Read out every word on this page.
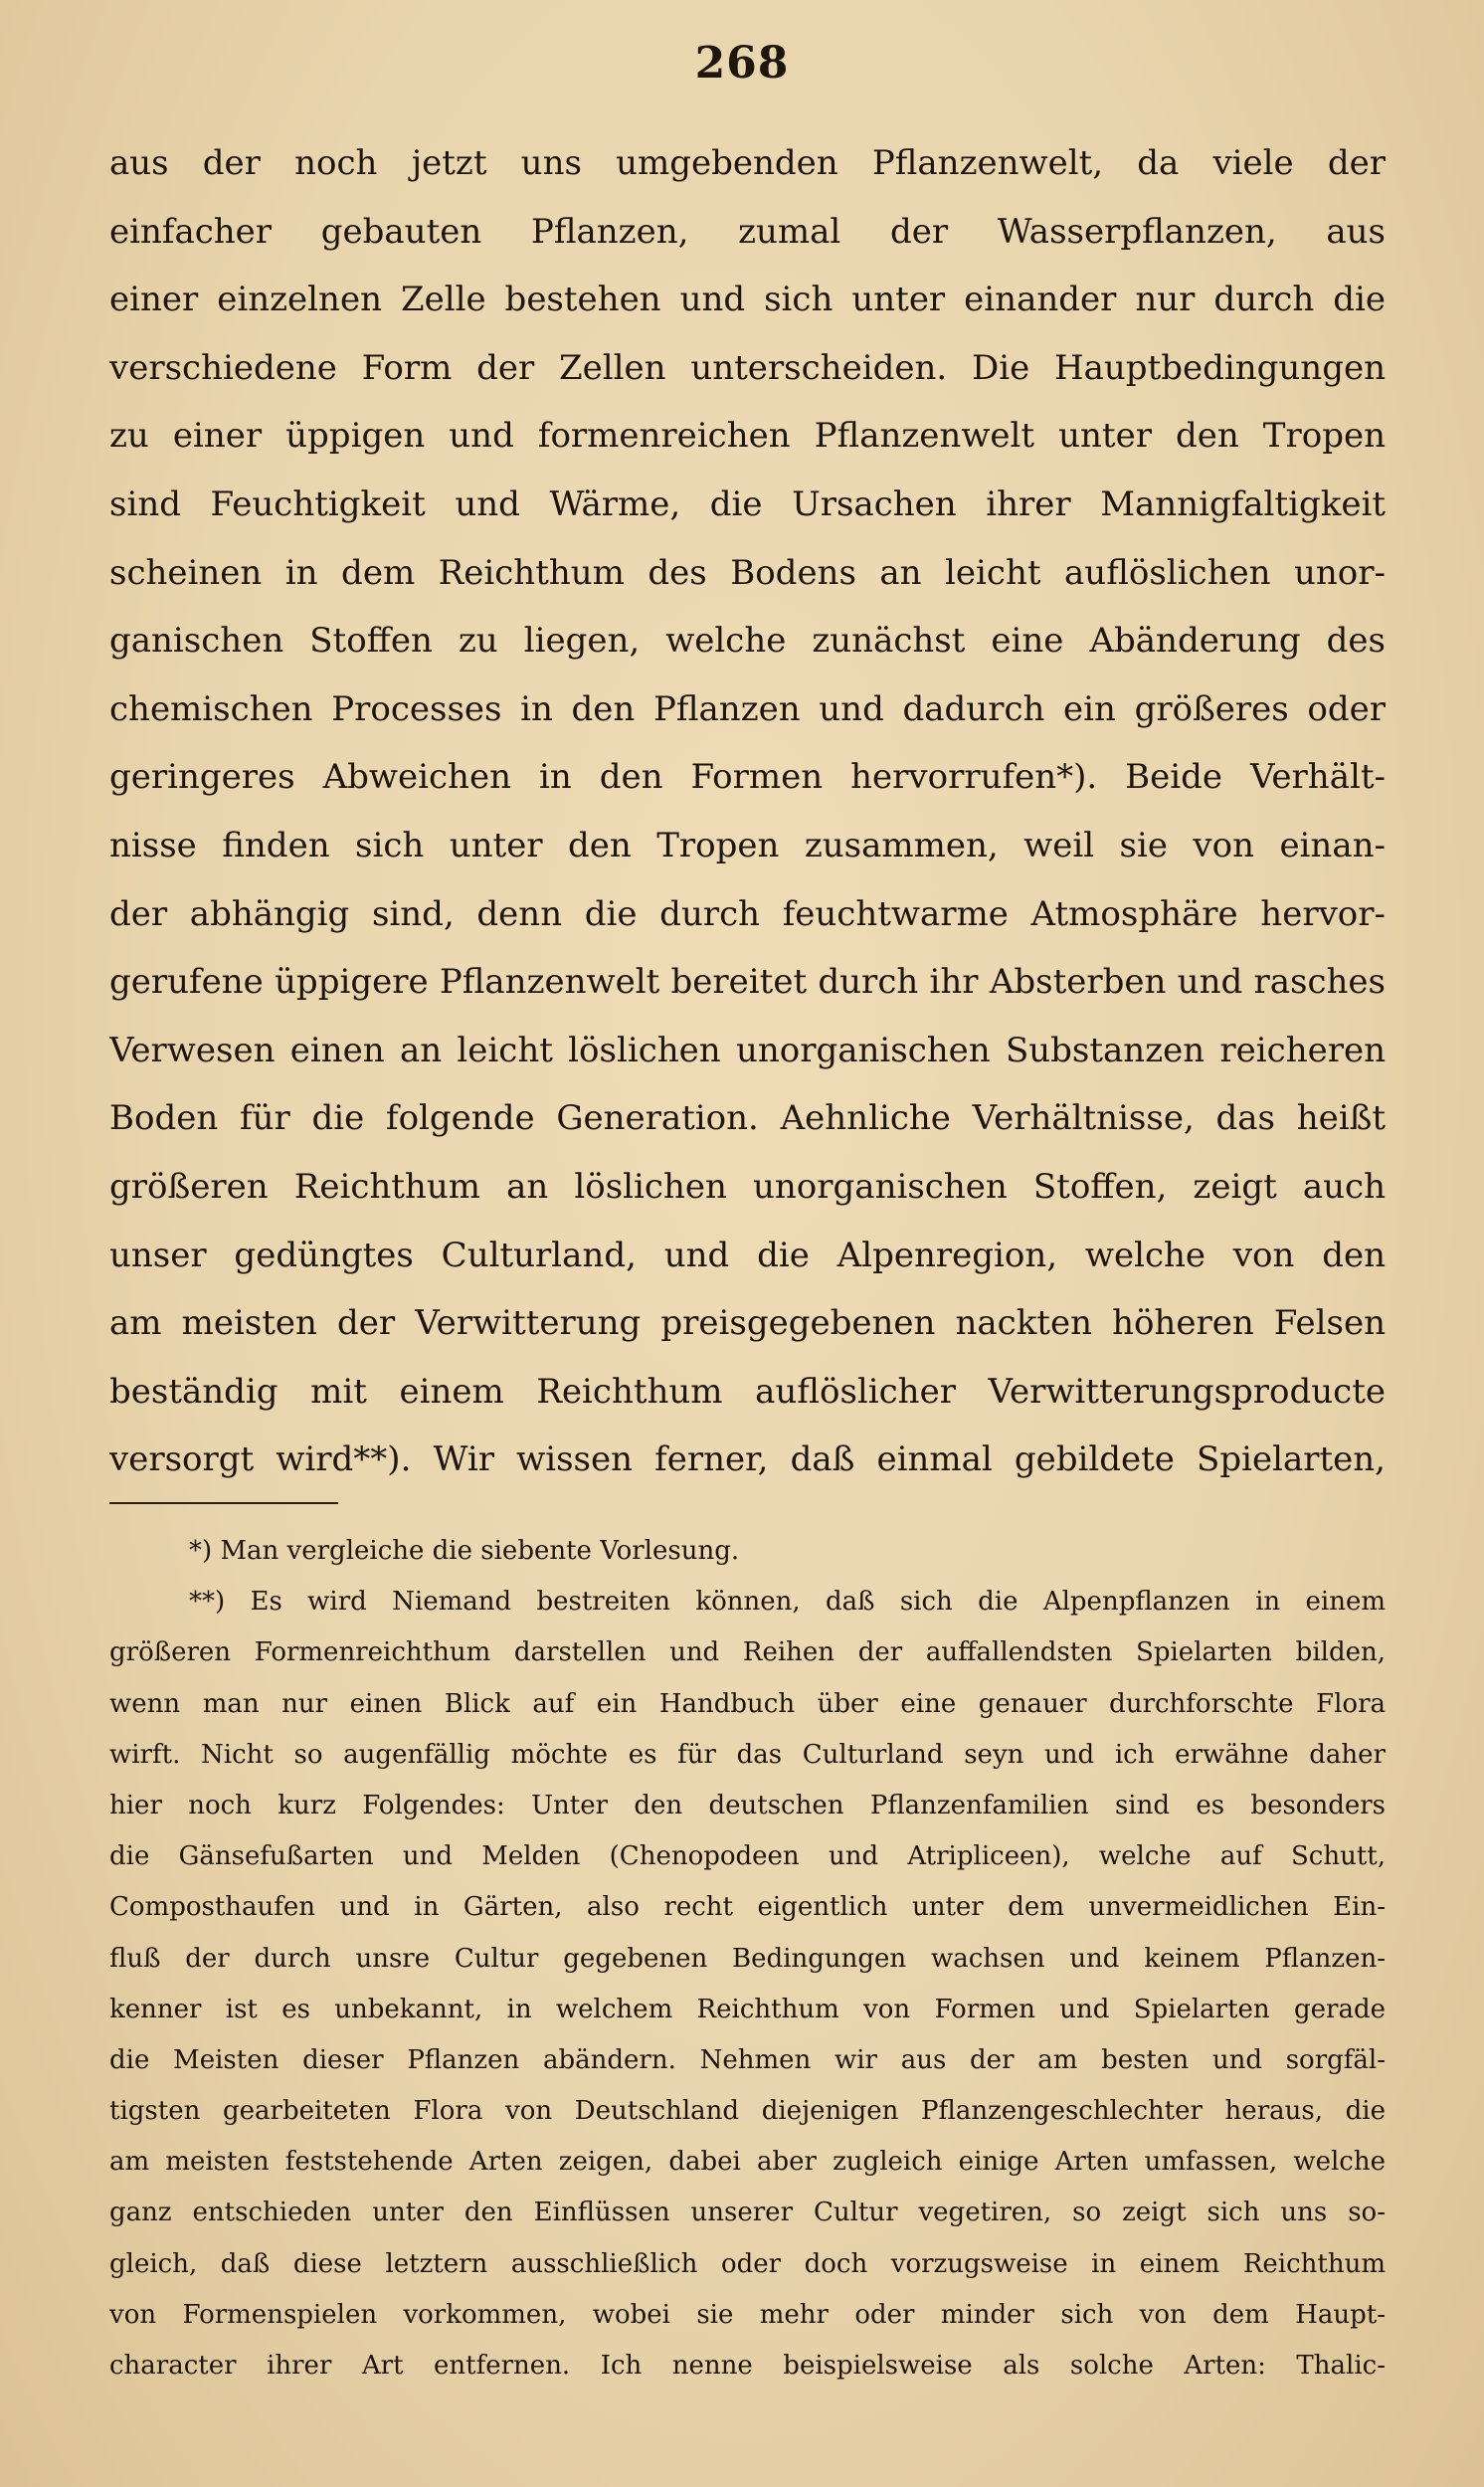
268
aus der noch jetzt uns umgebenden Pflanzenwelt, da viele der
einfacher gebauten Pflanzen, zumal der Wasserpflanzen, aus
einer einzelnen Zelle bestehen und sich unter einander nur durch die
verschiedene Form der Zellen unterscheiden. Die Hauptbedingungen
zu einer üppigen und formenreichen Pflanzenwelt unter den Tropen
sind Feuchtigkeit und Wärme, die Ursachen ihrer Mannigfaltigkeit
scheinen in dem Reichthum des Bodens an leicht auflöslichen unor-
ganischen Stoffen zu liegen, welche zunächst eine Abänderung des
chemischen Processes in den Pflanzen und dadurch ein größeres oder
geringeres Abweichen in den Formen hervorrufen*). Beide Verhält-
nisse finden sich unter den Tropen zusammen, weil sie von einan-
der abhängig sind, denn die durch feuchtwarme Atmosphäre hervor-
gerufene üppigere Pflanzenwelt bereitet durch ihr Absterben und rasches
Verwesen einen an leicht löslichen unorganischen Substanzen reicheren
Boden für die folgende Generation. Aehnliche Verhältnisse, das heißt
größeren Reichthum an löslichen unorganischen Stoffen, zeigt auch
unser gedüngtes Culturland, und die Alpenregion, welche von den
am meisten der Verwitterung preisgegebenen nackten höheren Felsen
beständig mit einem Reichthum auflöslicher Verwitterungsproducte
versorgt wird**). Wir wissen ferner, daß einmal gebildete Spielarten,
*) Man vergleiche die siebente Vorlesung.
**) Es wird Niemand bestreiten können, daß sich die Alpenpflanzen in einem
größeren Formenreichthum darstellen und Reihen der auffallendsten Spielarten bilden,
wenn man nur einen Blick auf ein Handbuch über eine genauer durchforschte Flora
wirft. Nicht so augenfällig möchte es für das Culturland seyn und ich erwähne daher
hier noch kurz Folgendes: Unter den deutschen Pflanzenfamilien sind es besonders
die Gänsefußarten und Melden (Chenopodeen und Atripliceen), welche auf Schutt,
Composthaufen und in Gärten, also recht eigentlich unter dem unvermeidlichen Ein-
fluß der durch unsre Cultur gegebenen Bedingungen wachsen und keinem Pflanzen-
kenner ist es unbekannt, in welchem Reichthum von Formen und Spielarten gerade
die Meisten dieser Pflanzen abändern. Nehmen wir aus der am besten und sorgfäl-
tigsten gearbeiteten Flora von Deutschland diejenigen Pflanzengeschlechter heraus, die
am meisten feststehende Arten zeigen, dabei aber zugleich einige Arten umfassen, welche
ganz entschieden unter den Einflüssen unserer Cultur vegetiren, so zeigt sich uns so-
gleich, daß diese letztern ausschließlich oder doch vorzugsweise in einem Reichthum
von Formenspielen vorkommen, wobei sie mehr oder minder sich von dem Haupt-
character ihrer Art entfernen. Ich nenne beispielsweise als solche Arten: Thalic-
